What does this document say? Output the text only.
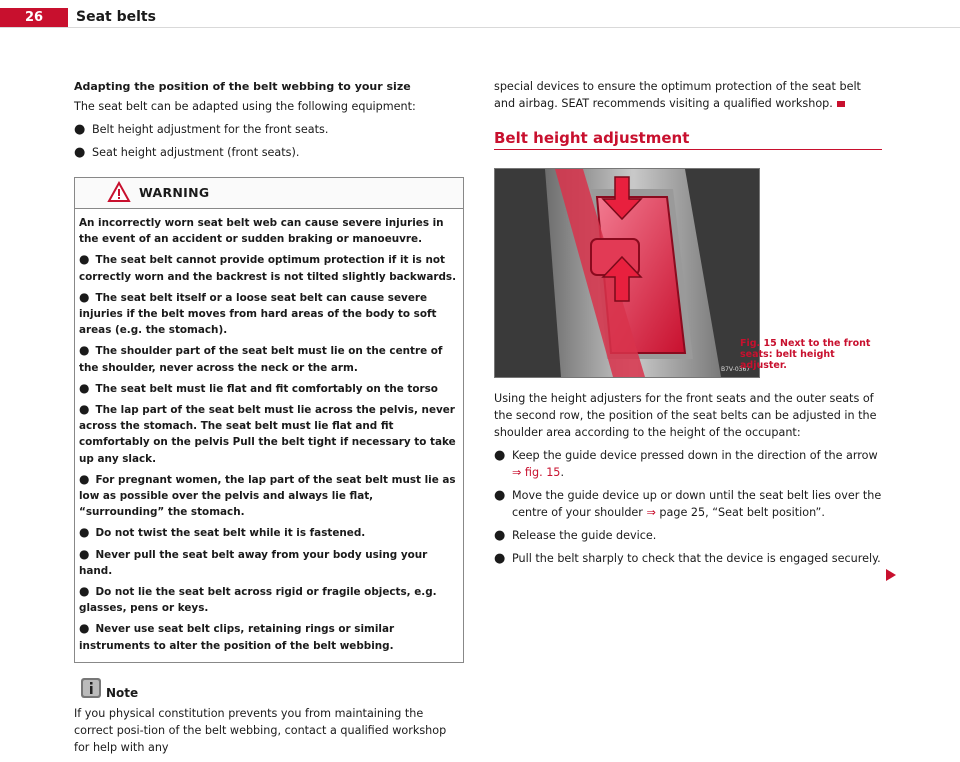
26	Seat belts
Adapting the position of the belt webbing to your size

The seat belt can be adapted using the following equipment:

● Belt height adjustment for the front seats.
● Seat height adjustment (front seats).
WARNING

An incorrectly worn seat belt web can cause severe injuries in the event of an accident or sudden braking or manoeuvre.

● The seat belt cannot provide optimum protection if it is not correctly worn and the backrest is not tilted slightly backwards.
● The seat belt itself or a loose seat belt can cause severe injuries if the belt moves from hard areas of the body to soft areas (e.g. the stomach).
● The shoulder part of the seat belt must lie on the centre of the shoulder, never across the neck or the arm.
● The seat belt must lie flat and fit comfortably on the torso
● The lap part of the seat belt must lie across the pelvis, never across the stomach. The seat belt must lie flat and fit comfortably on the pelvis Pull the belt tight if necessary to take up any slack.
● For pregnant women, the lap part of the seat belt must lie as low as possible over the pelvis and always lie flat, “surrounding” the stomach.
● Do not twist the seat belt while it is fastened.
● Never pull the seat belt away from your body using your hand.
● Do not lie the seat belt across rigid or fragile objects, e.g. glasses, pens or keys.
● Never use seat belt clips, retaining rings or similar instruments to alter the position of the belt webbing.
Note

If you physical constitution prevents you from maintaining the correct posi-tion of the belt webbing, contact a qualified workshop for help with any

special devices to ensure the optimum protection of the seat belt and airbag. SEAT recommends visiting a qualified workshop.

Belt height adjustment
B7V-0367
Fig. 15 Next to the front seats: belt height adjuster.

Using the height adjusters for the front seats and the outer seats of the second row, the position of the seat belts can be adjusted in the shoulder area according to the height of the occupant:

● Keep the guide device pressed down in the direction of the arrow ⇒ fig. 15.
● Move the guide device up or down until the seat belt lies over the centre of your shoulder ⇒ page 25, “Seat belt position”.
● Release the guide device.
● Pull the belt sharply to check that the device is engaged securely.
